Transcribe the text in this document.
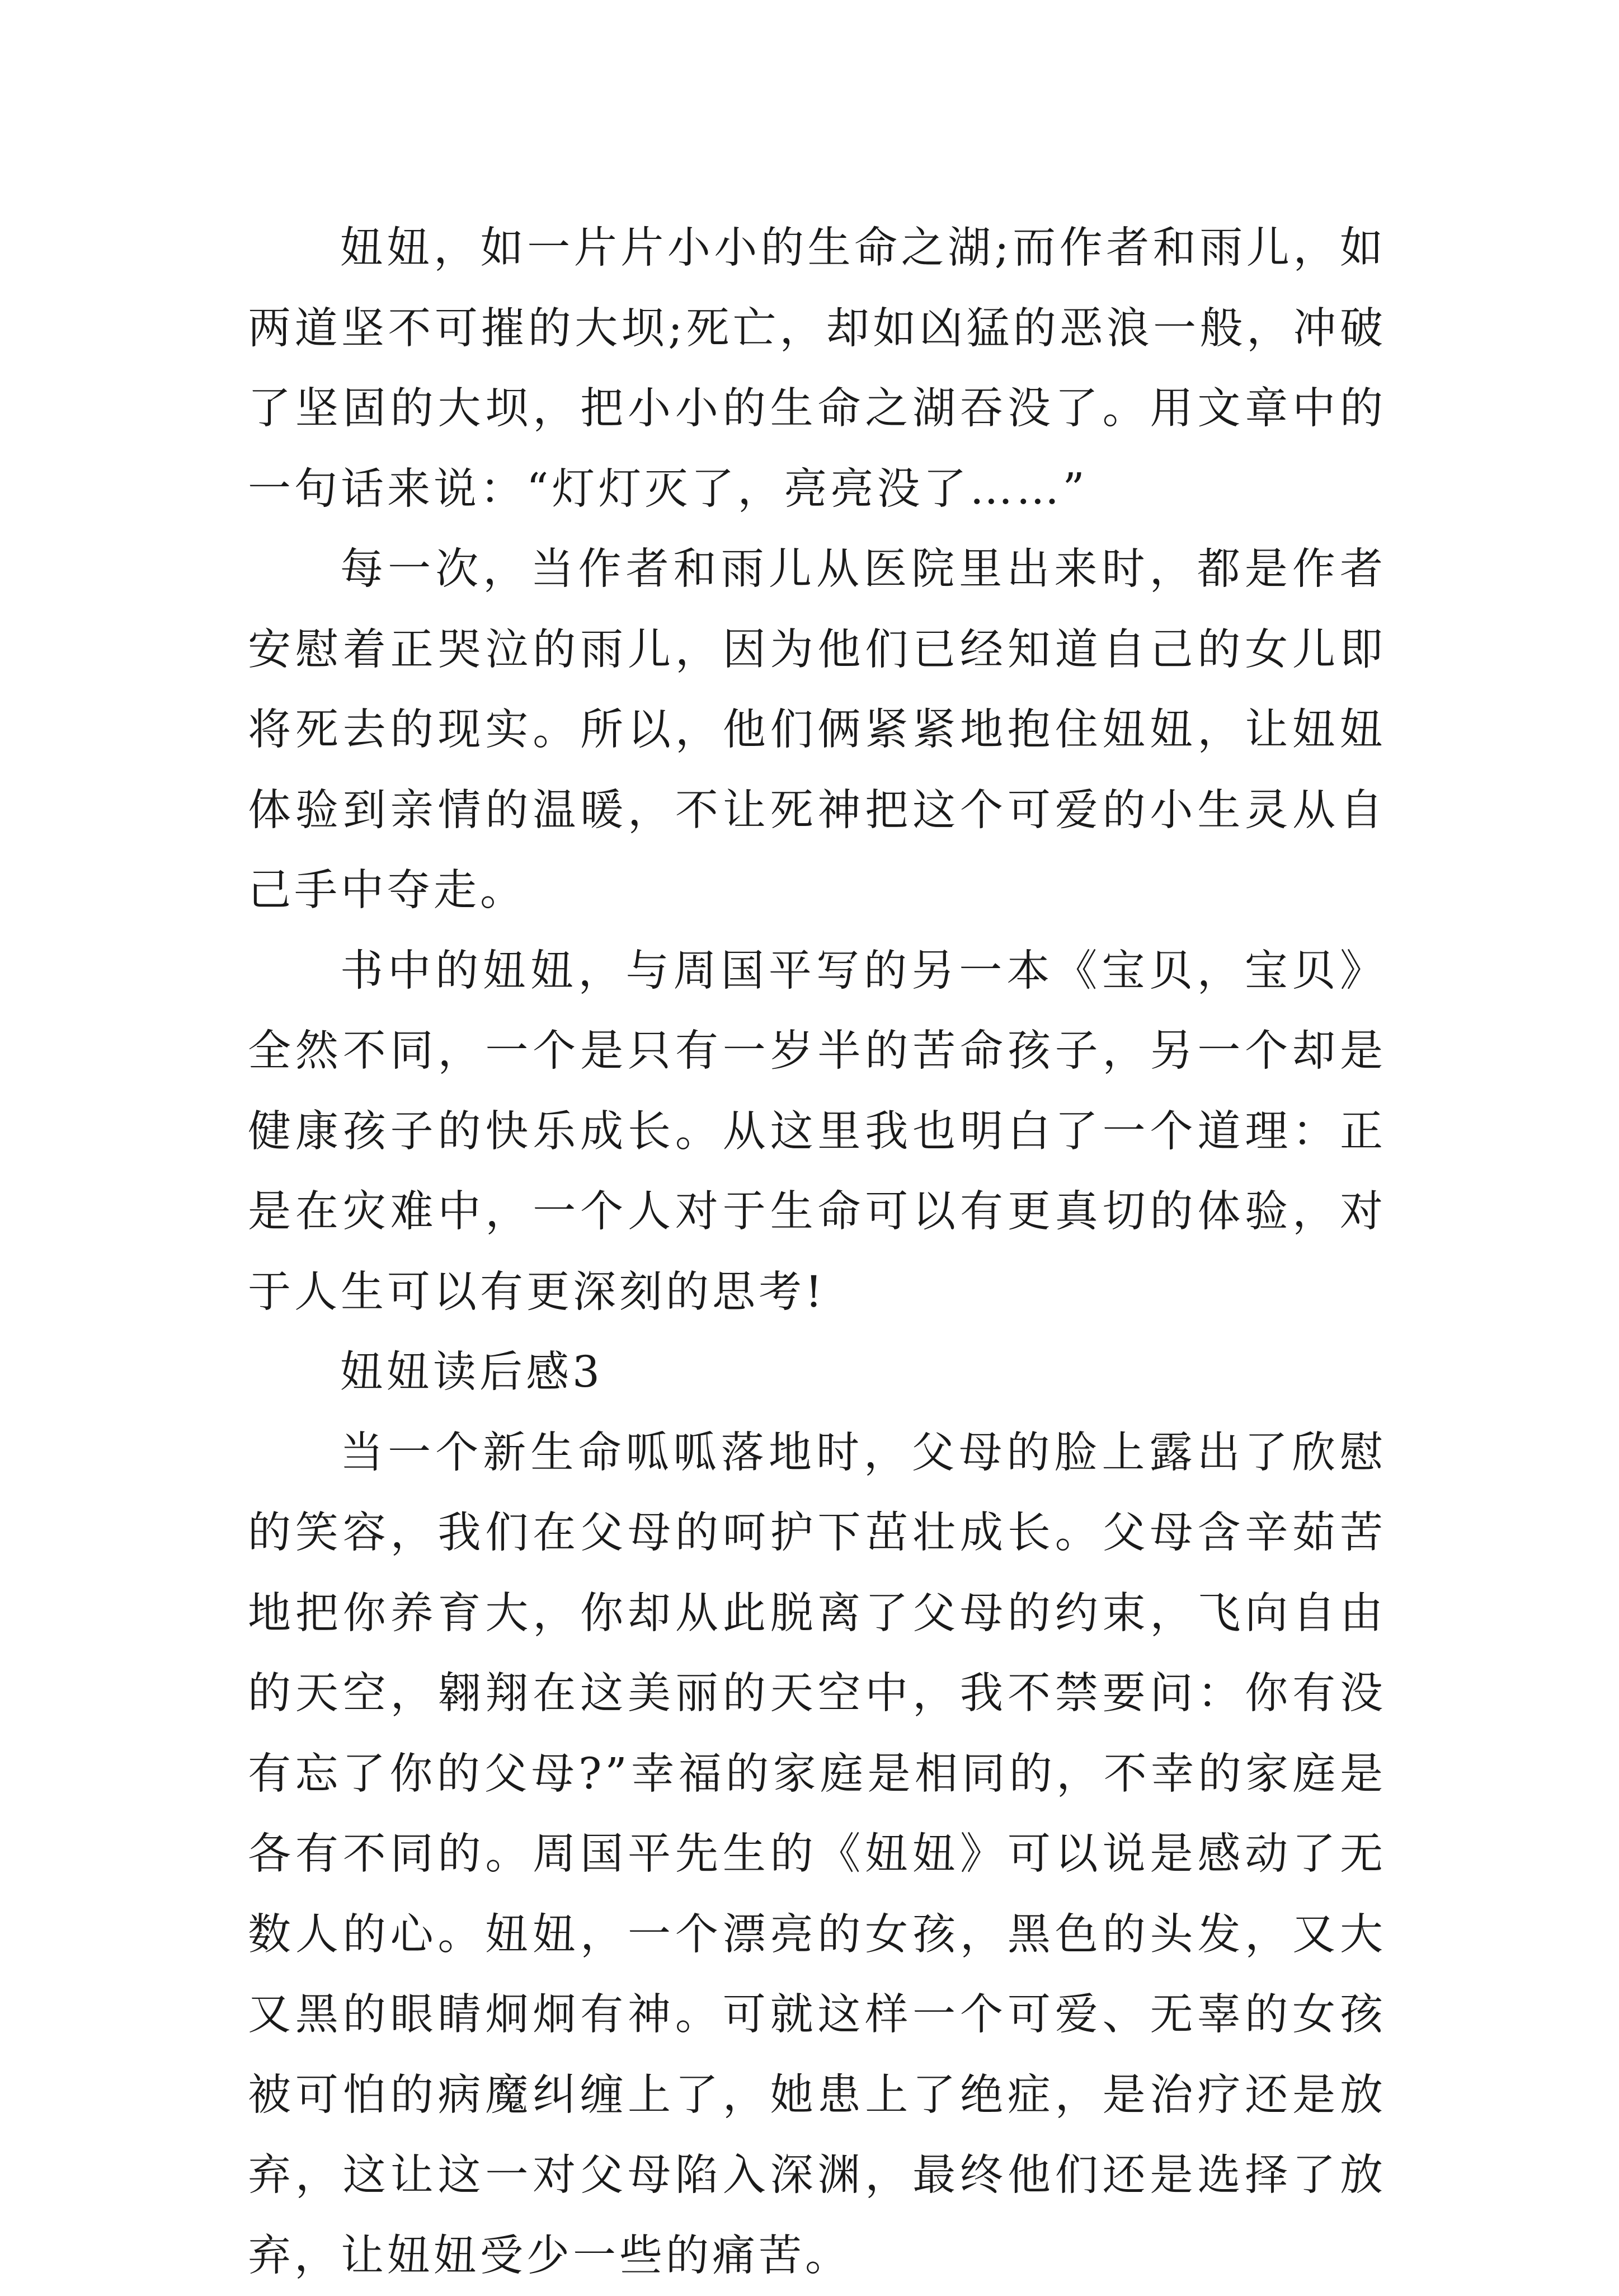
妞妞，如一片片小小的生命之湖;而作者和雨儿，如两道坚不可摧的大坝;死亡，却如凶猛的恶浪一般，冲破了坚固的大坝，把小小的生命之湖吞没了。用文章中的一句话来说：“灯灯灭了，亮亮没了……”

每一次，当作者和雨儿从医院里出来时，都是作者安慰着正哭泣的雨儿，因为他们已经知道自己的女儿即将死去的现实。所以，他们俩紧紧地抱住妞妞，让妞妞体验到亲情的温暖，不让死神把这个可爱的小生灵从自己手中夺走。

书中的妞妞，与周国平写的另一本《宝贝，宝贝》全然不同，一个是只有一岁半的苦命孩子，另一个却是健康孩子的快乐成长。从这里我也明白了一个道理：正是在灾难中，一个人对于生命可以有更真切的体验，对于人生可以有更深刻的思考!

妞妞读后感3

当一个新生命呱呱落地时，父母的脸上露出了欣慰的笑容，我们在父母的呵护下茁壮成长。父母含辛茹苦地把你养育大，你却从此脱离了父母的约束，飞向自由的天空，翱翔在这美丽的天空中，我不禁要问：你有没有忘了你的父母?”幸福的家庭是相同的，不幸的家庭是各有不同的。周国平先生的《妞妞》可以说是感动了无数人的心。妞妞，一个漂亮的女孩，黑色的头发，又大又黑的眼睛炯炯有神。可就这样一个可爱、无辜的女孩被可怕的病魔纠缠上了，她患上了绝症，是治疗还是放弃，这让这一对父母陷入深渊，最终他们还是选择了放弃，让妞妞受少一些的痛苦。
